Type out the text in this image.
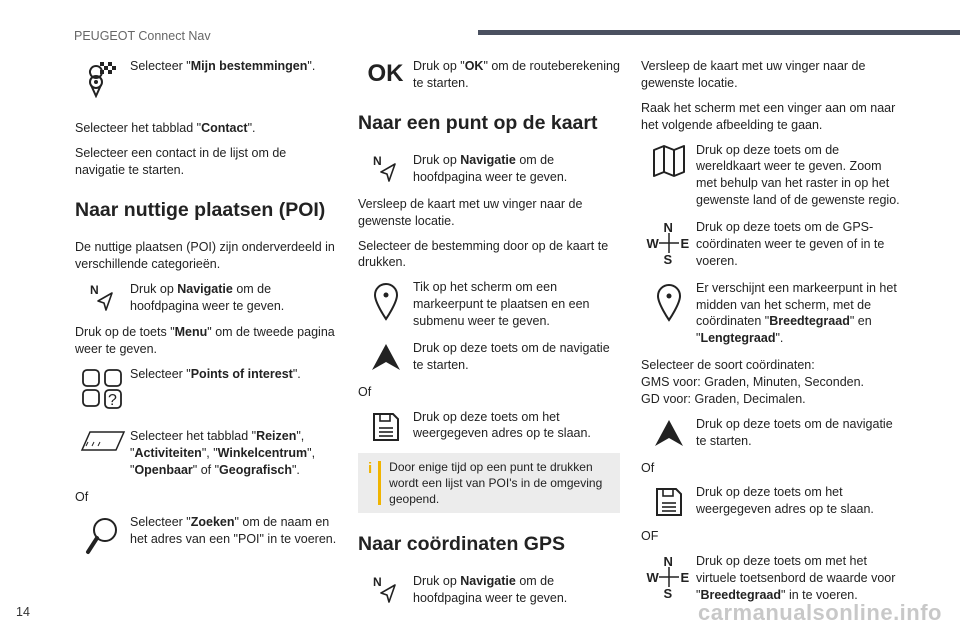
PEUGEOT Connect Nav
Selecteer "Mijn bestemmingen".

Selecteer het tabblad "Contact".

Selecteer een contact in de lijst om de navigatie te starten.

Naar nuttige plaatsen (POI)

De nuttige plaatsen (POI) zijn onderverdeeld in verschillende categorieën.

N	Druk op Navigatie om de hoofdpagina weer te geven.

Druk op de toets "Menu" om de tweede pagina weer te geven.

?
Selecteer "Points of interest".
Selecteer het tabblad "Reizen", "Activiteiten", "Winkelcentrum", "Openbaar" of "Geografisch".

Of

Selecteer "Zoeken" om de naam en het adres van een "POI" in te voeren.
OK Druk op "OK" om de routeberekening te starten.
Naar een punt op de kaart
N	Druk op Navigatie om de hoofdpagina weer te geven.

Versleep de kaart met uw vinger naar de gewenste locatie.

Selecteer de bestemming door op de kaart te drukken.

Tik op het scherm om een markeerpunt te plaatsen en een submenu weer te geven.
Druk op deze toets om de navigatie te starten.

Of

Druk op deze toets om het weergegeven adres op te slaan.
i Door enige tijd op een punt te drukken wordt een lijst van POI's in de omgeving geopend.
Naar coördinaten GPS
N	Druk op Navigatie om de hoofdpagina weer te geven.

Versleep de kaart met uw vinger naar de gewenste locatie.

Raak het scherm met een vinger aan om naar het volgende afbeelding te gaan.

Druk op deze toets om de wereldkaart weer te geven. Zoom met behulp van het raster in op het gewenste land of de gewenste regio.
N
W E
S
Druk op deze toets om de GPS-coördinaten weer te geven of in te voeren.
Er verschijnt een markeerpunt in het midden van het scherm, met de coördinaten "Breedtegraad" en "Lengtegraad".

Selecteer de soort coördinaten:

GMS voor: Graden, Minuten, Seconden.

GD voor: Graden, Decimalen.

Druk op deze toets om de navigatie te starten.

Of

Druk op deze toets om het weergegeven adres op te slaan.

OF

N
W E
S
Druk op deze toets om met het virtuele toetsenbord de waarde voor "Breedtegraad" in te voeren.
14	carmanualsonline.info
